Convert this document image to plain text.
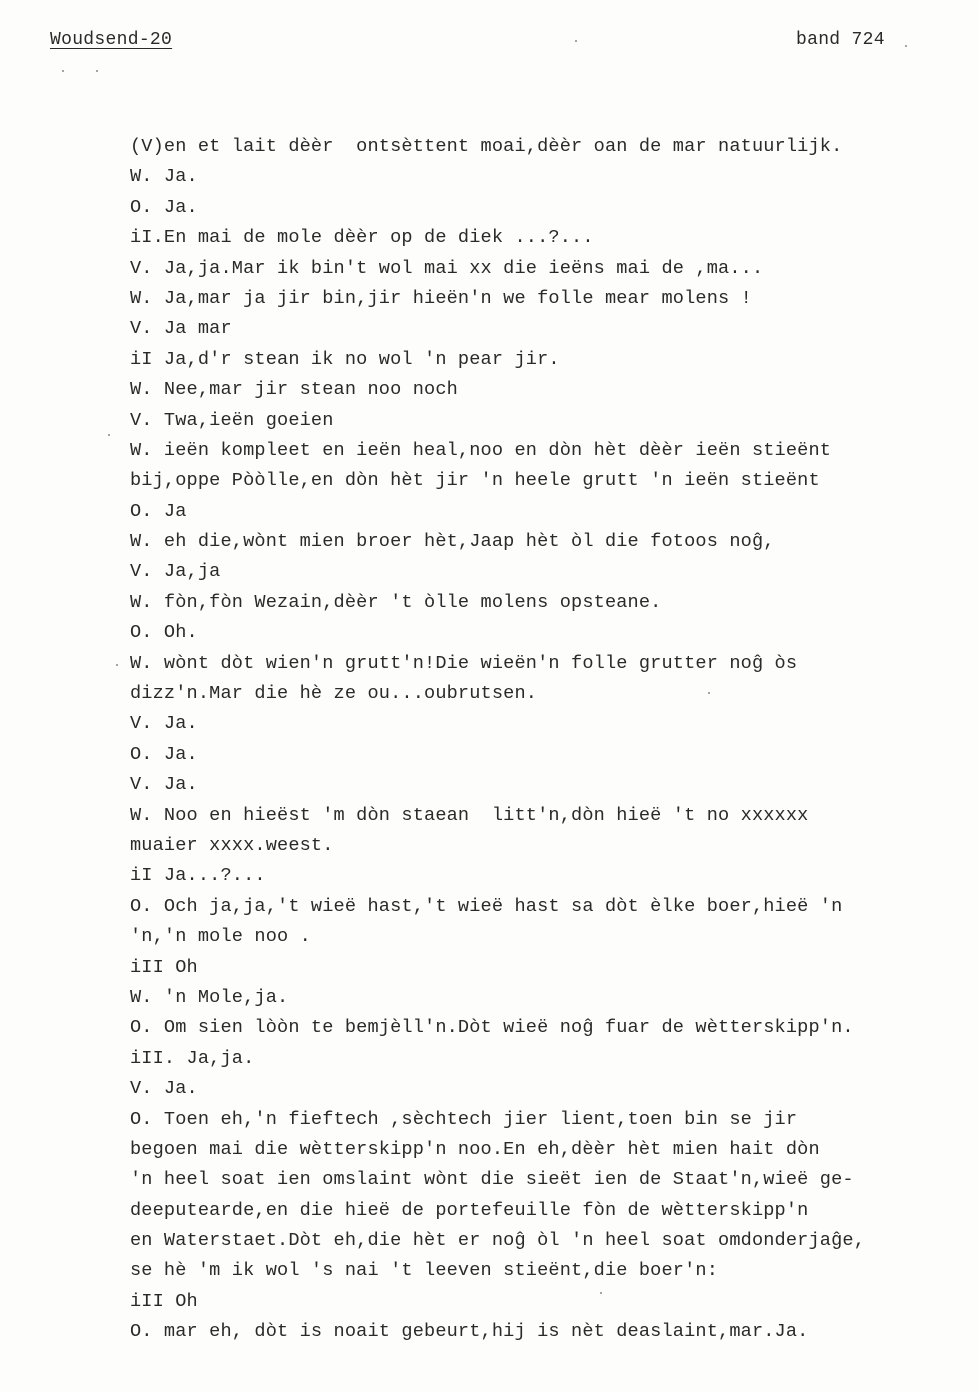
Woudsend-20	band 724
(V)en et lait dèèr  ontsèttent moai,dèèr oan de mar natuurlijk.
W. Ja.
O. Ja.
iI.En mai de mole dèèr op de diek ...?...
V. Ja,ja.Mar ik bin't wol mai xx die ieëns mai de ,ma...
W. Ja,mar ja jir bin,jir hieën'n we folle mear molens !
V. Ja mar
iI Ja,d'r stean ik no wol 'n pear jir.
W. Nee,mar jir stean noo noch
V. Twa,ieën goeien
W. ieën kompleet en ieën heal,noo en dòn hèt dèèr ieën stieënt
bij,oppe Pòòlle,en dòn hèt jir 'n heele grutt 'n ieën stieënt
O. Ja
W. eh die,wònt mien broer hèt,Jaap hèt òl die fotoos noĝ,
V. Ja,ja
W. fòn,fòn Wezain,dèèr 't òlle molens opsteane.
O. Oh.
W. wònt dòt wien'n grutt'n!Die wieën'n folle grutter noĝ òs
dizz'n.Mar die hè ze ou...oubrutsen.
V. Ja.
O. Ja.
V. Ja.
W. Noo en hieëst 'm dòn staean  litt'n,dòn hieë 't no xxxxxx
muaier xxxx.weest.
iI Ja...?...
O. Och ja,ja,'t wieë hast,'t wieë hast sa dòt èlke boer,hieë 'n
'n,'n mole noo .
iII Oh
W. 'n Mole,ja.
O. Om sien lòòn te bemjèll'n.Dòt wieë noĝ fuar de wètterskipp'n.
iII. Ja,ja.
V. Ja.
O. Toen eh,'n fieftech ,sèchtech jier lient,toen bin se jir
begoen mai die wètterskipp'n noo.En eh,dèèr hèt mien hait dòn
'n heel soat ien omslaint wònt die sieët ien de Staat'n,wieë ge-
deeputearde,en die hieë de portefeuille fòn de wètterskipp'n
en Waterstaet.Dòt eh,die hèt er noĝ òl 'n heel soat omdonderjaĝe,
se hè 'm ik wol 's nai 't leeven stieënt,die boer'n:
iII Oh
O. mar eh, dòt is noait gebeurt,hij is nèt deaslaint,mar.Ja.
